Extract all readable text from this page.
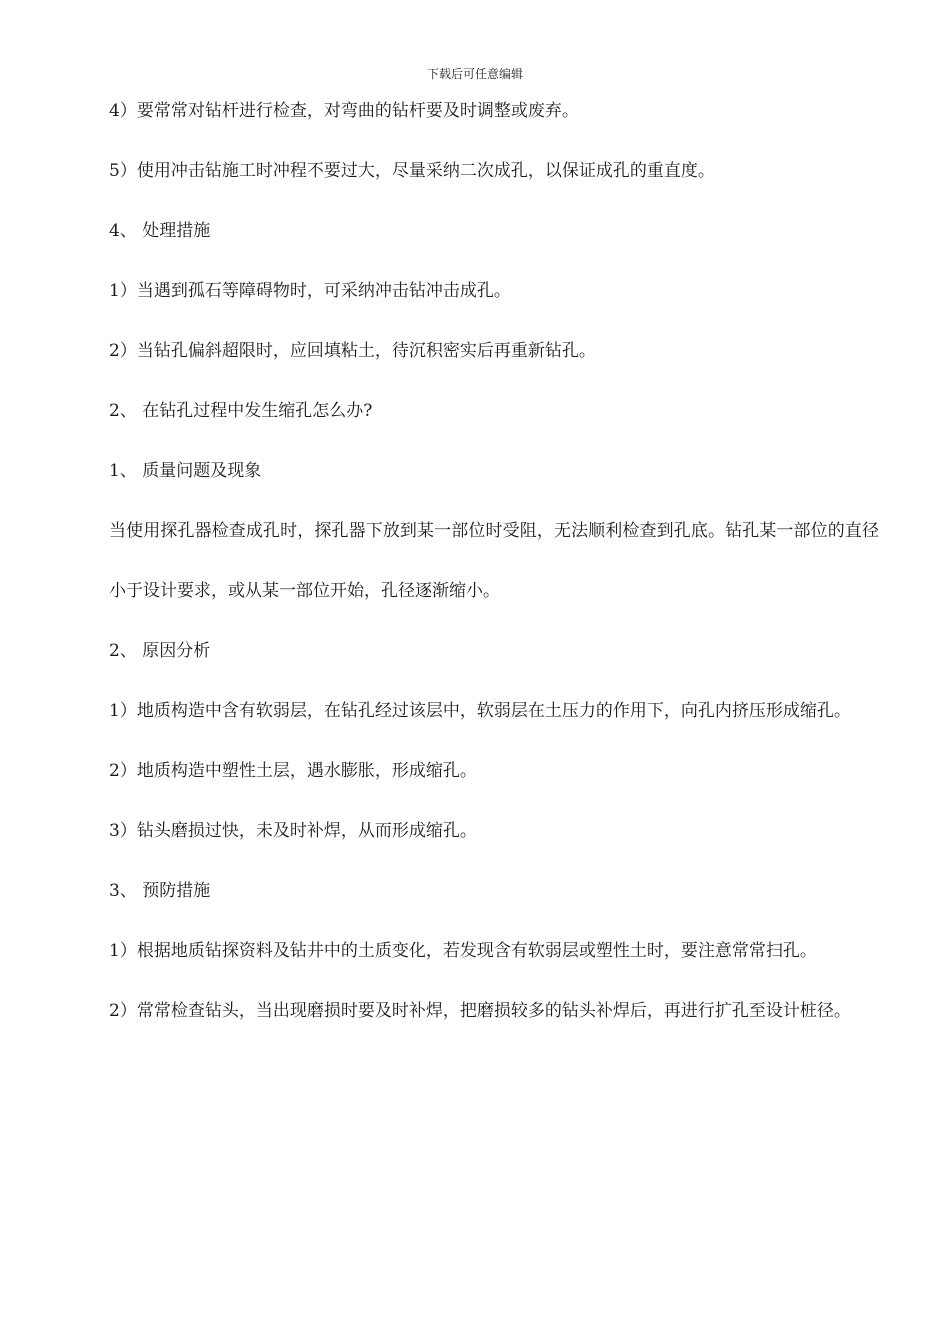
下载后可任意编辑

4）要常常对钻杆进行检查，对弯曲的钻杆要及时调整或废弃。

5）使用冲击钻施工时冲程不要过大，尽量采纳二次成孔，以保证成孔的重直度。

4、 处理措施

1）当遇到孤石等障碍物时，可采纳冲击钻冲击成孔。

2）当钻孔偏斜超限时，应回填粘土，待沉积密实后再重新钻孔。

2、 在钻孔过程中发生缩孔怎么办?

1、 质量问题及现象

当使用探孔器检查成孔时，探孔器下放到某一部位时受阻，无法顺利检查到孔底。钻孔某一部位的直径小于设计要求，或从某一部位开始，孔径逐渐缩小。

2、 原因分析

1）地质构造中含有软弱层，在钻孔经过该层中，软弱层在土压力的作用下，向孔内挤压形成缩孔。

2）地质构造中塑性土层，遇水膨胀，形成缩孔。

3）钻头磨损过快，未及时补焊，从而形成缩孔。

3、 预防措施

1）根据地质钻探资料及钻井中的土质变化，若发现含有软弱层或塑性土时，要注意常常扫孔。

2）常常检查钻头，当出现磨损时要及时补焊，把磨损较多的钻头补焊后，再进行扩孔至设计桩径。
